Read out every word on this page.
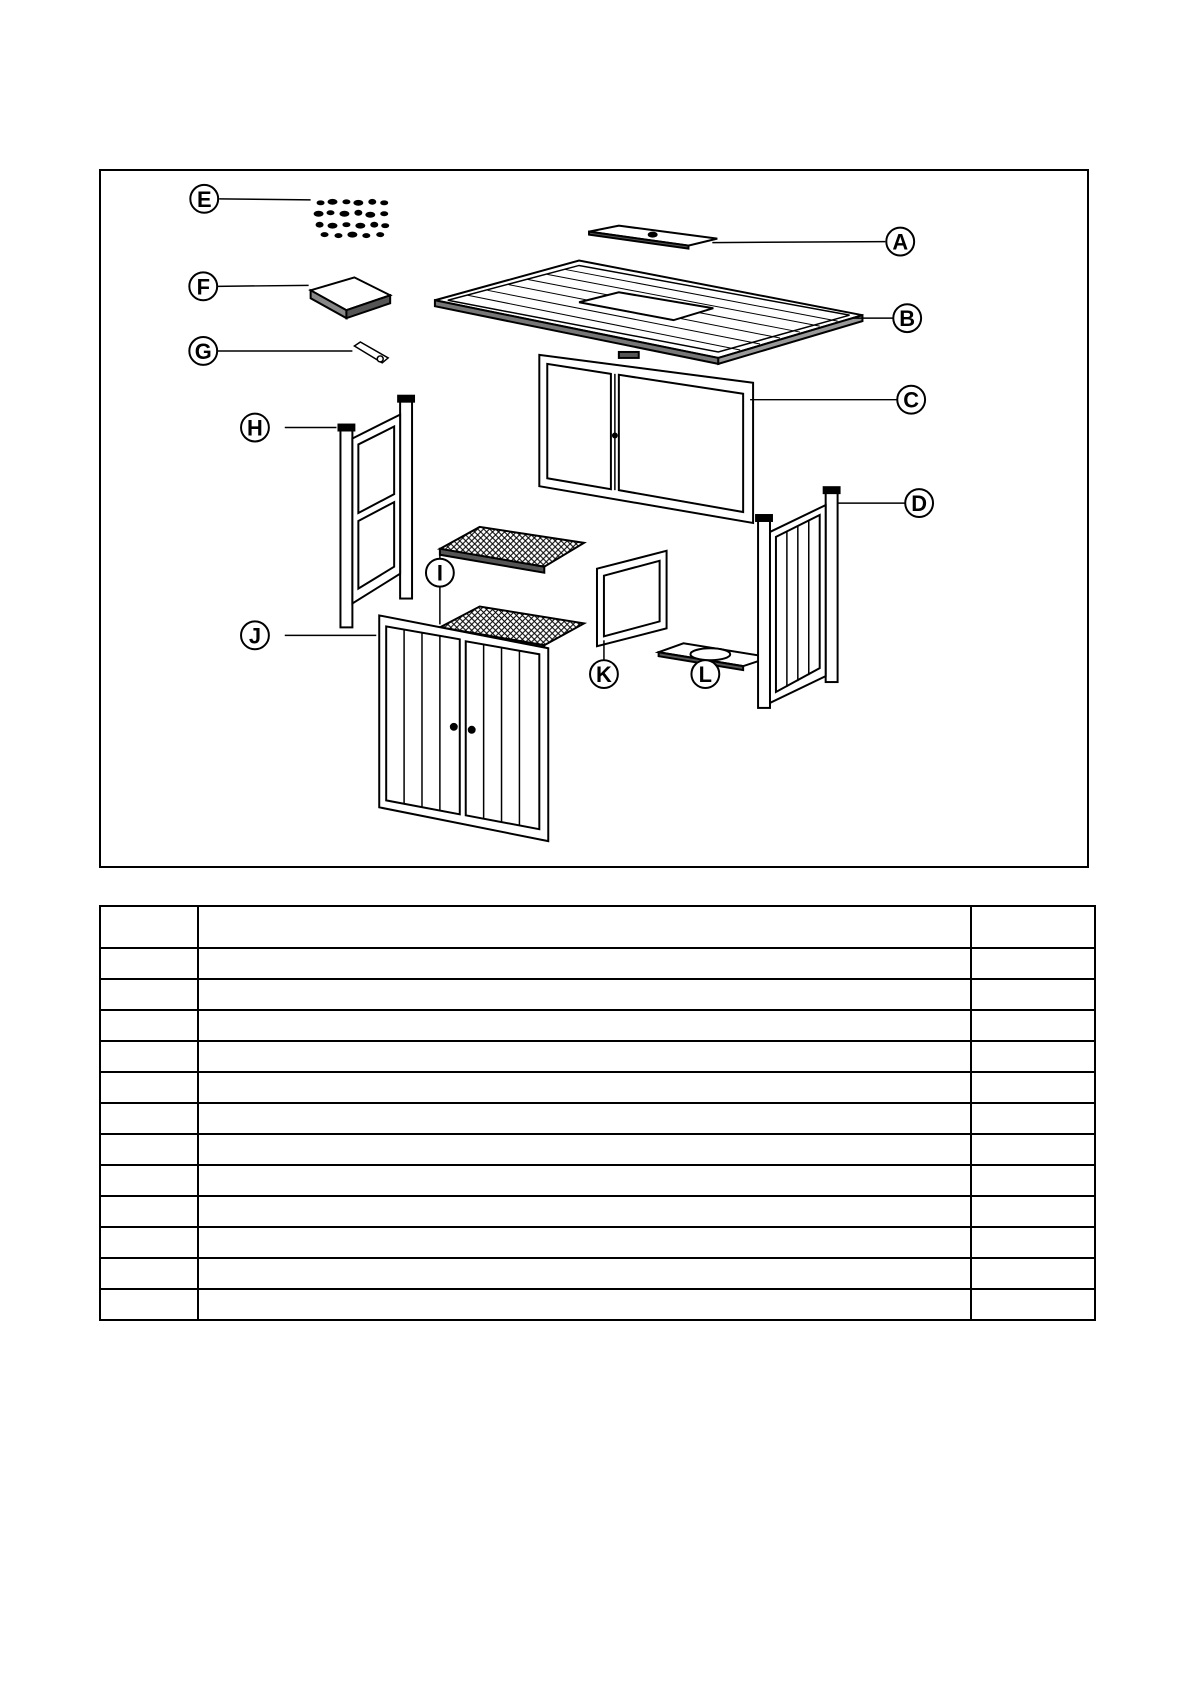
E
A
F
B
G
C
H
D
I
J
K	L
